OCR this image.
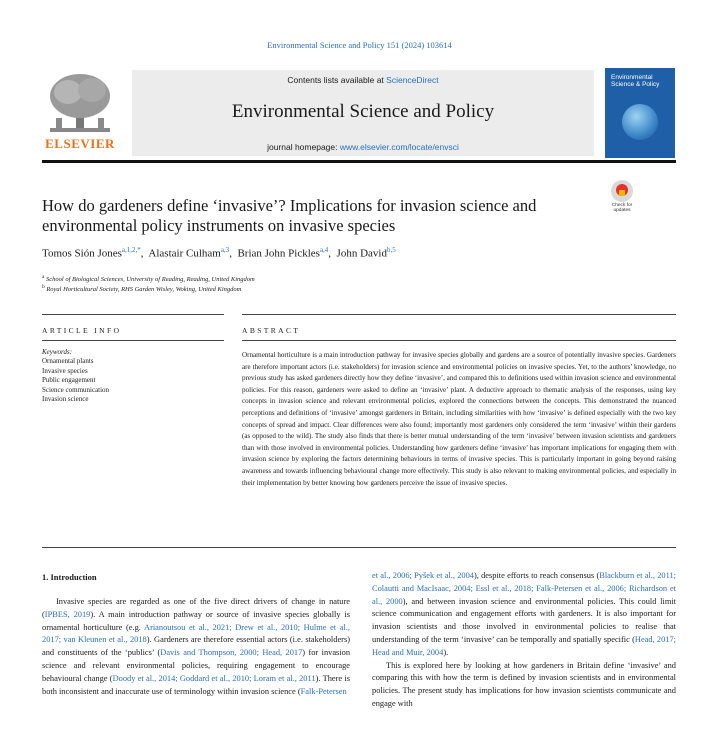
Environmental Science and Policy 151 (2024) 103614
ELSEVIER
Contents lists available at ScienceDirect
Environmental Science and Policy
journal homepage: www.elsevier.com/locate/envsci
Environmental Science & Policy
Check for updates
How do gardeners define ‘invasive’? Implications for invasion science and environmental policy instruments on invasive species
Tomos Sión Jones$^{a,1,2,*}$,  Alastair Culham$^{a,3}$,  Brian John Pickles$^{a,4}$,  John David$^{b,5}$
$^a$ School of Biological Sciences, University of Reading, Reading, United Kingdom
$^b$ Royal Horticultural Society, RHS Garden Wisley, Woking, United Kingdom
ARTICLE INFO	ABSTRACT
Keywords:
Ornamental plants
Invasive species
Public engagement
Science communication
Invasion science
Ornamental horticulture is a main introduction pathway for invasive species globally and gardens are a source of potentially invasive species. Gardeners are therefore important actors (i.e. stakeholders) for invasion science and environmental policies on invasive species. Yet, to the authors’ knowledge, no previous study has asked gardeners directly how they define ‘invasive’, and compared this to definitions used within invasion science and environmental policies. For this reason, gardeners were asked to define an ‘invasive’ plant. A deductive approach to thematic analysis of the responses, using key concepts in invasion science and relevant environmental policies, explored the connections between the concepts. This demonstrated the nuanced perceptions and definitions of ‘invasive’ amongst gardeners in Britain, including similarities with how ‘invasive’ is defined especially with the two key concepts of spread and impact. Clear differences were also found; importantly most gardeners only considered the term ‘invasive’ within their gardens (as opposed to the wild). The study also finds that there is better mutual understanding of the term ‘invasive’ between invasion scientists and gardeners than with those involved in environmental policies. Understanding how gardeners define ‘invasive’ has important implications for engaging them with invasion science by exploring the factors determining behaviours in terms of invasive species. This is particularly important in going beyond raising awareness and towards influencing behavioural change more effectively. This study is also relevant to making environmental policies, and especially in their implementation by better knowing how gardeners perceive the issue of invasive species.
1. Introduction

Invasive species are regarded as one of the five direct drivers of change in nature (IPBES, 2019). A main introduction pathway or source of invasive species globally is ornamental horticulture (e.g. Arianoutsou et al., 2021; Drew et al., 2010; Hulme et al., 2017; van Kleunen et al., 2018). Gardeners are therefore essential actors (i.e. stakeholders) and constituents of the ‘publics’ (Davis and Thompson, 2000; Head, 2017) for invasion science and relevant environmental policies, requiring engagement to encourage behavioural change (Doody et al., 2014; Goddard et al., 2010; Loram et al., 2011). There is both inconsistent and inaccurate use of terminology within invasion science (Falk-Petersen

et al., 2006; Pyšek et al., 2004), despite efforts to reach consensus (Blackburn et al., 2011; Colautti and MacIsaac, 2004; Essl et al., 2018; Falk-Petersen et al., 2006; Richardson et al., 2000), and between invasion science and environmental policies. This could limit science communication and engagement efforts with gardeners. It is also important for invasion scientists and those involved in environmental policies to realise that understanding of the term ‘invasive’ can be temporally and spatially specific (Head, 2017; Head and Muir, 2004).

This is explored here by looking at how gardeners in Britain define ‘invasive’ and comparing this with how the term is defined by invasion scientists and in environmental policies. The present study has implications for how invasion scientists communicate and engage with
